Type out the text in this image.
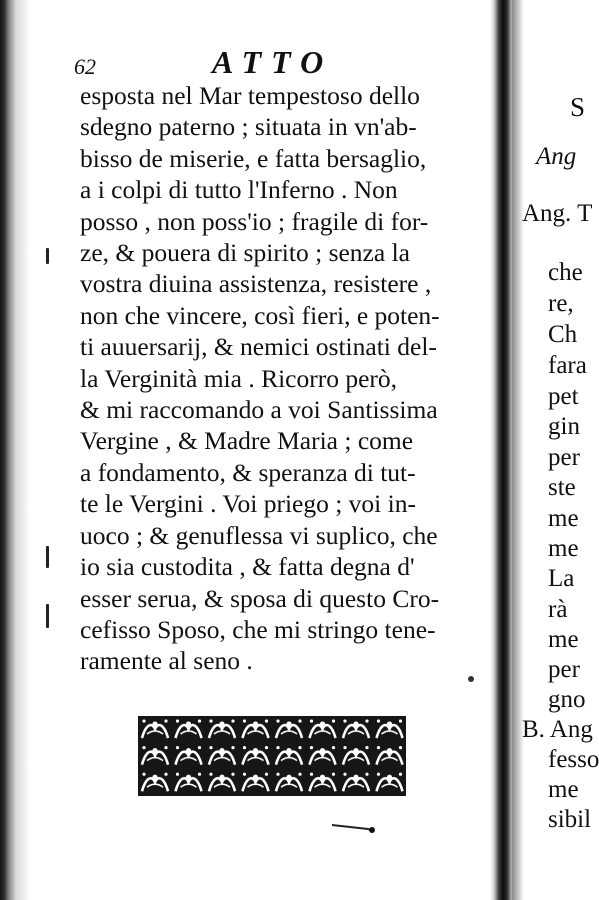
62	ATTO
esposta nel Mar tempestoso dello
sdegno paterno ; situata in vn'ab-
bisso de miserie, e fatta bersaglio,
a i colpi di tutto l'Inferno . Non
posso , non poss'io ; fragile di for-
ze, & pouera di spirito ; senza la
vostra diuina assistenza, resistere ,
non che vincere, così fieri, e poten-
ti auuersarij, & nemici ostinati del-
la Verginità mia . Ricorro però,
& mi raccomando a voi Santissima
Vergine , & Madre Maria ; come
a fondamento, & speranza di tut-
te le Vergini . Voi priego ; voi in-
uoco ; & genuflessa vi suplico, che
io sia custodita , & fatta degna d'
esser serua, & sposa di questo Cro-
cefisso Sposo, che mi stringo tene-
ramente al seno .
S
Ang
Ang. T
che
re,
Ch
fara
pet
gin
per
ste
me
me
La
rà
me
per
gno
B. Ang
fesso
me
sibil
